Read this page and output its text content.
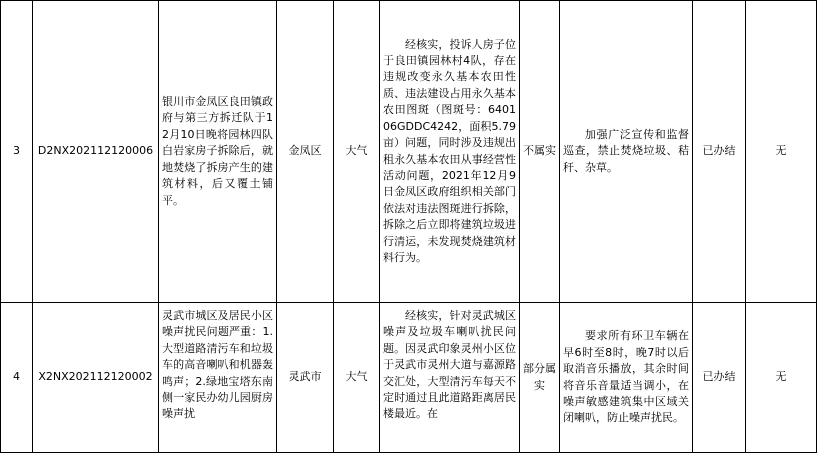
3	D2NX202112120006	银川市金凤区良田镇政府与第三方拆迁队于12月10日晚将园林四队白岩家房子拆除后，就地焚烧了拆房产生的建筑材料，后又覆土铺平。	金凤区	大气	经核实，投诉人房子位于良田镇园林村4队，存在违规改变永久基本农田性质、违法建设占用永久基本农田图斑（图斑号：640106GDDC4242，面积5.79亩）问题，同时涉及违规出租永久基本农田从事经营性活动问题，2021年12月9日金凤区政府组织相关部门依法对违法图斑进行拆除，拆除之后立即将建筑垃圾进行清运，未发现焚烧建筑材料行为。	不属实	加强广泛宣传和监督巡查，禁止焚烧垃圾、秸秆、杂草。	已办结	无
4	X2NX202112120002	灵武市城区及居民小区噪声扰民问题严重：1.大型道路清污车和垃圾车的高音喇叭和机器轰鸣声；2.绿地宝塔东南侧一家民办幼儿园厨房噪声扰	灵武市	大气	经核实，针对灵武城区噪声及垃圾车喇叭扰民问题。因灵武印象灵州小区位于灵武市灵州大道与嘉源路交汇处，大型清污车每天不定时通过且此道路距离居民楼最近。在	部分属实	要求所有环卫车辆在早6时至8时，晚7时以后取消音乐播放，其余时间将音乐音量适当调小，在噪声敏感建筑集中区域关闭喇叭，防止噪声扰民。	已办结	无
